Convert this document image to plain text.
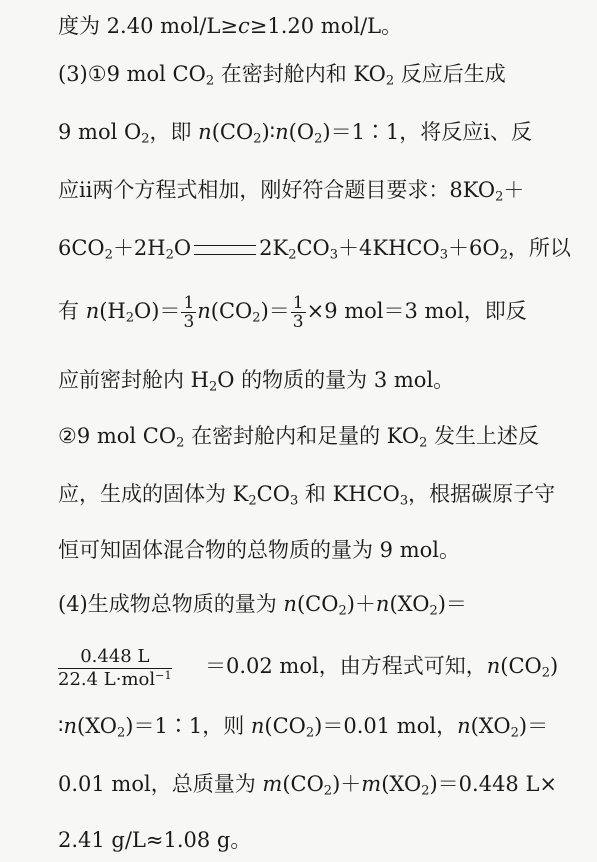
度为 2.40 mol/L≥c≥1.20 mol/L。
(3)①9 mol $CO_2$ 在密封舱内和 $KO_2$ 反应后生成
9 mol $O_2$，即 $n(CO_2)∶n(O_2)=1∶1$，将反应ⅰ、反
应ⅱ两个方程式相加，刚好符合题目要求：$8KO_2+$
$6CO_2+2H_2O$	$2K_2CO_3+4KHCO_3+6O_2$，所以
有 $n(H_2O)= \frac{1}{3} n(CO_2)= \frac{1}{3} \times 9$ mol＝3 mol，即反
应前密封舱内 $H_2O$ 的物质的量为 3 mol。
②9 mol $CO_2$ 在密封舱内和足量的 $KO_2$ 发生上述反
应，生成的固体为 $K_2CO_3$ 和 $KHCO_3$，根据碳原子守
恒可知固体混合物的总物质的量为 9 mol。
(4)生成物总物质的量为 $n(CO_2)+n(XO_2)=$
0.448 L
22.4 L·mol$^{-1}$ ＝0.02 mol，由方程式可知，$n(CO_2)$
$∶n(XO_2)=1∶1$，则 $n(CO_2)=0.01$ mol，$n(XO_2)=$
0.01 mol，总质量为 $m(CO_2)+m(XO_2)=0.448$ L×
2.41 g/L≈1.08 g。
